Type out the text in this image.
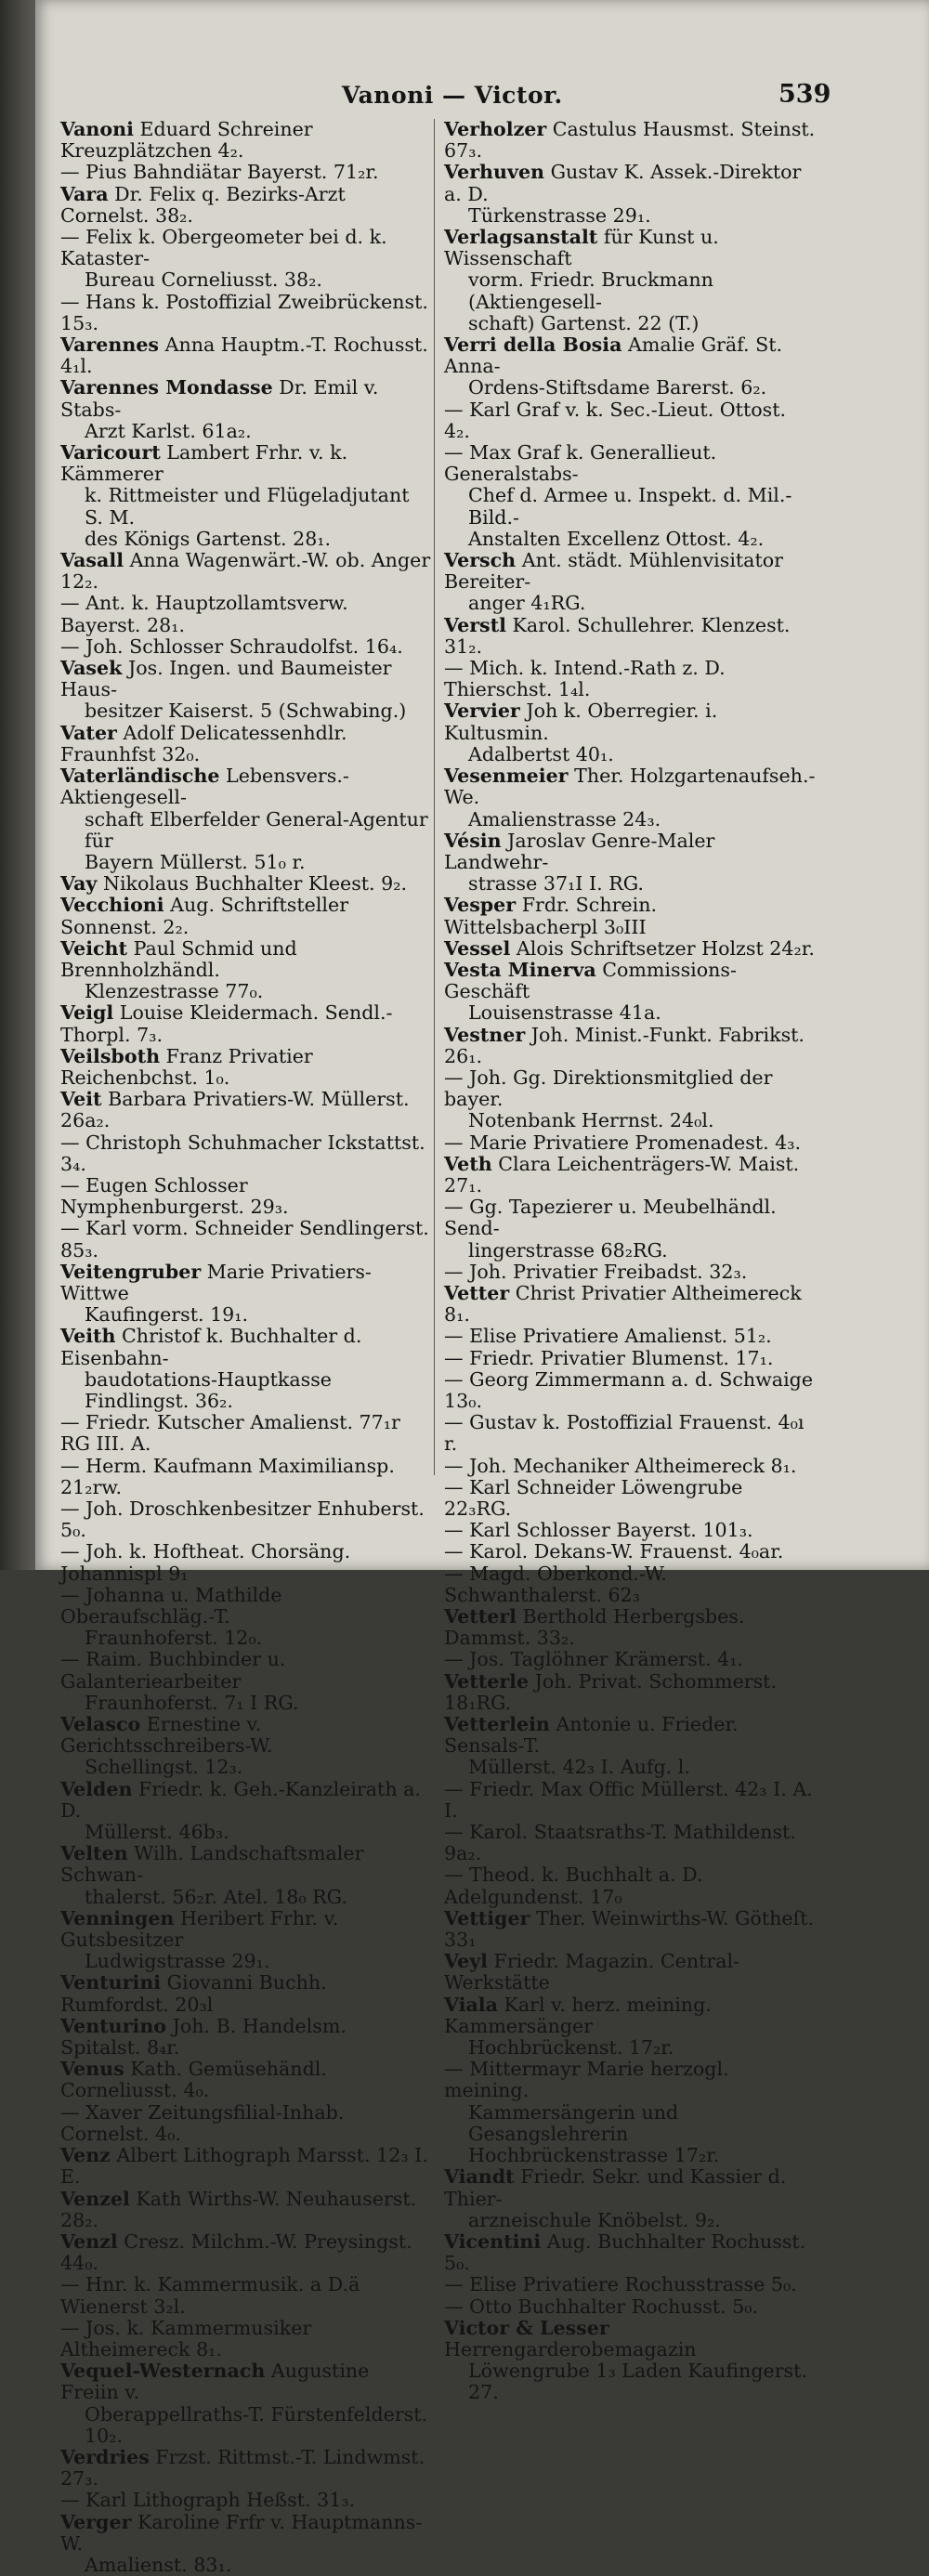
Vanoni — Victor.	539

Vanoni Eduard Schreiner Kreuzplätzchen 4₂.

— Pius Bahndiätar Bayerst. 71₂r.

Vara Dr. Felix q. Bezirks-Arzt Cornelst. 38₂.

— Felix k. Obergeometer bei d. k. Kataster-

Bureau Corneliusst. 38₂.

— Hans k. Postoffizial Zweibrückenst. 15₃.

Varennes Anna Hauptm.-T. Rochusst. 4₁l.

Varennes Mondasse Dr. Emil v. Stabs-

Arzt Karlst. 61a₂.

Varicourt Lambert Frhr. v. k. Kämmerer

k. Rittmeister und Flügeladjutant S. M.

des Königs Gartenst. 28₁.

Vasall Anna Wagenwärt.-W. ob. Anger 12₂.

— Ant. k. Hauptzollamtsverw. Bayerst. 28₁.

— Joh. Schlosser Schraudolfst. 16₄.

Vasek Jos. Ingen. und Baumeister Haus-

besitzer Kaiserst. 5 (Schwabing.)

Vater Adolf Delicatessenhdlr. Fraunhfst 32₀.

Vaterländische Lebensvers.-Aktiengesell-

schaft Elberfelder General-Agentur für

Bayern Müllerst. 51₀ r.

Vay Nikolaus Buchhalter Kleest. 9₂.

Vecchioni Aug. Schriftsteller Sonnenst. 2₂.

Veicht Paul Schmid und Brennholzhändl.

Klenzestrasse 77₀.

Veigl Louise Kleidermach. Sendl.-Thorpl. 7₃.

Veilsboth Franz Privatier Reichenbchst. 1₀.

Veit Barbara Privatiers-W. Müllerst. 26a₂.

— Christoph Schuhmacher Ickstattst. 3₄.

— Eugen Schlosser Nymphenburgerst. 29₃.

— Karl vorm. Schneider Sendlingerst. 85₃.

Veitengruber Marie Privatiers-Wittwe

Kaufingerst. 19₁.

Veith Christof k. Buchhalter d. Eisenbahn-

baudotations-Hauptkasse Findlingst. 36₂.

— Friedr. Kutscher Amalienst. 77₁r RG III. A.

— Herm. Kaufmann Maximiliansp. 21₂rw.

— Joh. Droschkenbesitzer Enhuberst. 5₀.

— Joh. k. Hoftheat. Chorsäng. Johannispl 9₁

— Johanna u. Mathilde Oberaufschläg.-T.

Fraunhoferst. 12₀.

— Raim. Buchbinder u. Galanteriearbeiter

Fraunhoferst. 7₁ I RG.

Velasco Ernestine v. Gerichtsschreibers-W.

Schellingst. 12₃.

Velden Friedr. k. Geh.-Kanzleirath a. D.

Müllerst. 46b₃.

Velten Wilh. Landschaftsmaler Schwan-

thalerst. 56₂r. Atel. 18₀ RG.

Venningen Heribert Frhr. v. Gutsbesitzer

Ludwigstrasse 29₁.

Venturini Giovanni Buchh. Rumfordst. 20₃l

Venturino Joh. B. Handelsm. Spitalst. 8₄r.

Venus Kath. Gemüsehändl. Corneliusst. 4₀.

— Xaver Zeitungsfilial-Inhab. Cornelst. 4₀.

Venz Albert Lithograph Marsst. 12₃ I. E.

Venzel Kath Wirths-W. Neuhauserst. 28₂.

Venzl Cresz. Milchm.-W. Preysingst. 44₀.

— Hnr. k. Kammermusik. a D.ä Wienerst 3₂l.

— Jos. k. Kammermusiker Altheimereck 8₁.

Vequel-Westernach Augustine Freiin v.

Oberappellraths-T. Fürstenfelderst. 10₂.

Verdries Frzst. Rittmst.-T. Lindwmst. 27₃.

— Karl Lithograph Heßst. 31₃.

Verger Karoline Frfr v. Hauptmanns-W.

Amalienst. 83₁.

Verholzer Castulus Hausmst. Steinst. 67₃.

Verhuven Gustav K. Assek.-Direktor a. D.

Türkenstrasse 29₁.

Verlagsanstalt für Kunst u. Wissenschaft

vorm. Friedr. Bruckmann (Aktiengesell-

schaft) Gartenst. 22 (T.)

Verri della Bosia Amalie Gräf. St. Anna-

Ordens-Stiftsdame Barerst. 6₂.

— Karl Graf v. k. Sec.-Lieut. Ottost. 4₂.

— Max Graf k. Generallieut. Generalstabs-

Chef d. Armee u. Inspekt. d. Mil.-Bild.-

Anstalten Excellenz Ottost. 4₂.

Versch Ant. städt. Mühlenvisitator Bereiter-

anger 4₁RG.

Verstl Karol. Schullehrer. Klenzest. 31₂.

— Mich. k. Intend.-Rath z. D. Thierschst. 1₄l.

Vervier Joh k. Oberregier. i. Kultusmin.

Adalbertst 40₁.

Vesenmeier Ther. Holzgartenaufseh.-We.

Amalienstrasse 24₃.

Vésin Jaroslav Genre-Maler Landwehr-

strasse 37₁I I. RG.

Vesper Frdr. Schrein. Wittelsbacherpl 3₀III

Vessel Alois Schriftsetzer Holzst 24₂r.

Vesta Minerva Commissions-Geschäft

Louisenstrasse 41a.

Vestner Joh. Minist.-Funkt. Fabrikst. 26₁.

— Joh. Gg. Direktionsmitglied der bayer.

Notenbank Herrnst. 24₀l.

— Marie Privatiere Promenadest. 4₃.

Veth Clara Leichenträgers-W. Maist. 27₁.

— Gg. Tapezierer u. Meubelhändl. Send-

lingerstrasse 68₂RG.

— Joh. Privatier Freibadst. 32₃.

Vetter Christ Privatier Altheimereck 8₁.

— Elise Privatiere Amalienst. 51₂.

— Friedr. Privatier Blumenst. 17₁.

— Georg Zimmermann a. d. Schwaige 13₀.

— Gustav k. Postoffizial Frauenst. 4₀ı r.

— Joh. Mechaniker Altheimereck 8₁.

— Karl Schneider Löwengrube 22₃RG.

— Karl Schlosser Bayerst. 101₃.

— Karol. Dekans-W. Frauenst. 4₀ar.

— Magd. Oberkond.-W. Schwanthalerst. 62₃

Vetterl Berthold Herbergsbes. Dammst. 33₂.

— Jos. Taglöhner Krämerst. 4₁.

Vetterle Joh. Privat. Schommerst. 18₁RG.

Vetterlein Antonie u. Frieder. Sensals-T.

Müllerst. 42₃ I. Aufg. l.

— Friedr. Max Offic Müllerst. 42₃ I. A. I.

— Karol. Staatsraths-T. Mathildenst. 9a₂.

— Theod. k. Buchhalt a. D. Adelgundenst. 17₀

Vettiger Ther. Weinwirths-W. Götheſt. 33₁

Veyl Friedr. Magazin. Central-Werkstätte

Viala Karl v. herz. meining. Kammersänger

Hochbrückenst. 17₂r.

— Mittermayr Marie herzogl. meining.

Kammersängerin und Gesangslehrerin

Hochbrückenstrasse 17₂r.

Viandt Friedr. Sekr. und Kassier d. Thier-

arzneischule Knöbelst. 9₂.

Vicentini Aug. Buchhalter Rochusst. 5₀.

— Elise Privatiere Rochusstrasse 5₀.

— Otto Buchhalter Rochusst. 5₀.

Victor & Lesser Herrengarderobemagazin

Löwengrube 1₃ Laden Kaufingerst. 27.
